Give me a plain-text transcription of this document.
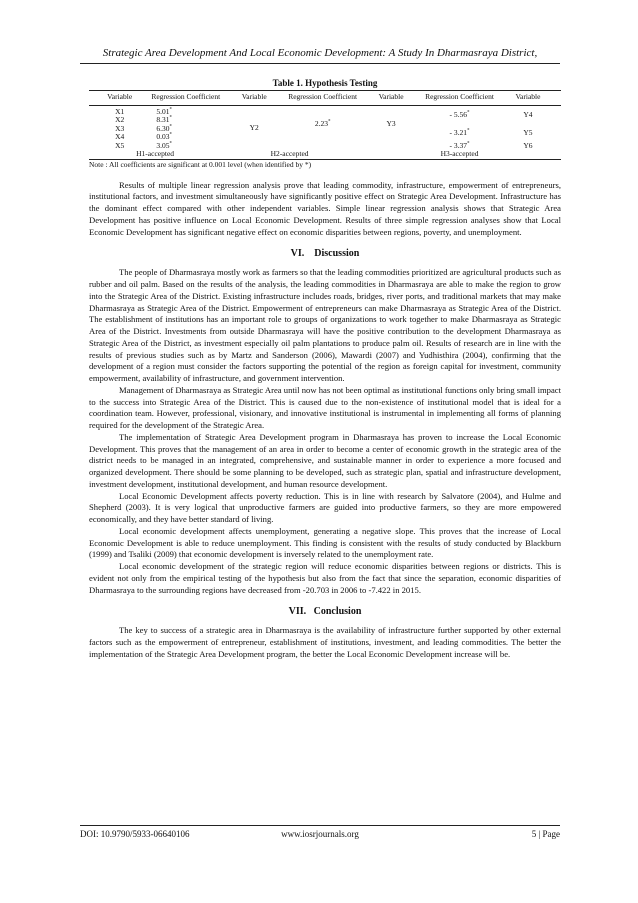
Strategic Area Development And Local Economic Development: A Study In Dharmasraya District,
Table 1. Hypothesis Testing
Variable	Regression Coefficient	Variable	Regression Coefficient	Variable	Regression Coefficient	Variable
X1	5.01*	Y2	2.23*	Y3	- 5.56*	Y4
X2	8.31*
X3	6.30*				- 3.21*	Y5
X4	0.03*
X5	3.05*				- 3.37*	Y6
H1-accepted		H2-accepted		H3-accepted		
Note : All coefficients are significant at 0.001 level (when identified by *)

Results of multiple linear regression analysis prove that leading commodity, infrastructure, empowerment of entrepreneurs, institutional factors, and investment simultaneously have significantly positive effect on Strategic Area Development. Infrastructure has the dominant effect compared with other independent variables. Simple linear regression analysis shows that Strategic Area Development has positive influence on Local Economic Development. Results of three simple regression analyses show that Local Economic Development has significant negative effect on economic disparities between regions, poverty, and unemployment.

VI.    Discussion

The people of Dharmasraya mostly work as farmers so that the leading commodities prioritized are agricultural products such as rubber and oil palm. Based on the results of the analysis, the leading commodities in Dharmasraya are able to make the region to grow into the Strategic Area of the District. Existing infrastructure includes roads, bridges, river ports, and traditional markets that may make Dharmasraya as Strategic Area of the District. Empowerment of entrepreneurs can make Dharmasraya as Strategic Area of the District. The establishment of institutions has an important role to groups of organizations to work together to make Dharmasraya as Strategic Area of the District. Investments from outside Dharmasraya will have the positive contribution to the development Dharmasraya as Strategic Area of the District, as investment especially oil palm plantations to produce palm oil. Results of research are in line with the results of previous studies such as by Martz and Sanderson (2006), Mawardi (2007) and Yudhisthira (2004), confirming that the development of a region must consider the factors supporting the potential of the region as foreign capital for investment, community empowerment, availability of infrastructure, and government intervention.

Management of Dharmasraya as Strategic Area until now has not been optimal as institutional functions only bring small impact to the success into Strategic Area of the District. This is caused due to the non-existence of institutional model that is ideal for a coordination team. However, professional, visionary, and innovative institutional is instrumental in implementing all forms of planning required for the development of the Strategic Area.

The implementation of Strategic Area Development program in Dharmasraya has proven to increase the Local Economic Development. This proves that the management of an area in order to become a center of economic growth in the strategic area of the district needs to be managed in an integrated, comprehensive, and sustainable manner in order to experience a more focused and organized development. There should be some planning to be developed, such as strategic plan, spatial and infrastructure development, investment development, institutional development, and human resource development.

Local Economic Development affects poverty reduction. This is in line with research by Salvatore (2004), and Hulme and Shepherd (2003). It is very logical that unproductive farmers are guided into productive farmers, so they are more empowered economically, and they have better standard of living.

Local economic development affects unemployment, generating a negative slope. This proves that the increase of Local Economic Development is able to reduce unemployment. This finding is consistent with the results of study conducted by Blackburn (1999) and Tsaliki (2009) that economic development is inversely related to the unemployment rate.

Local economic development of the strategic region will reduce economic disparities between regions or districts. This is evident not only from the empirical testing of the hypothesis but also from the fact that since the separation, economic disparities of Dharmasraya to the surrounding regions have decreased from -20.703 in 2006 to -7.422 in 2015.

VII.   Conclusion

The key to success of a strategic area in Dharmasraya is the availability of infrastructure further supported by other external factors such as the empowerment of entrepreneur, establishment of institutions, investment, and leading commodities. The better the implementation of the Strategic Area Development program, the better the Local Economic Development increase will be.

DOI: 10.9790/5933-06640106	www.iosrjournals.org	5 | Page
